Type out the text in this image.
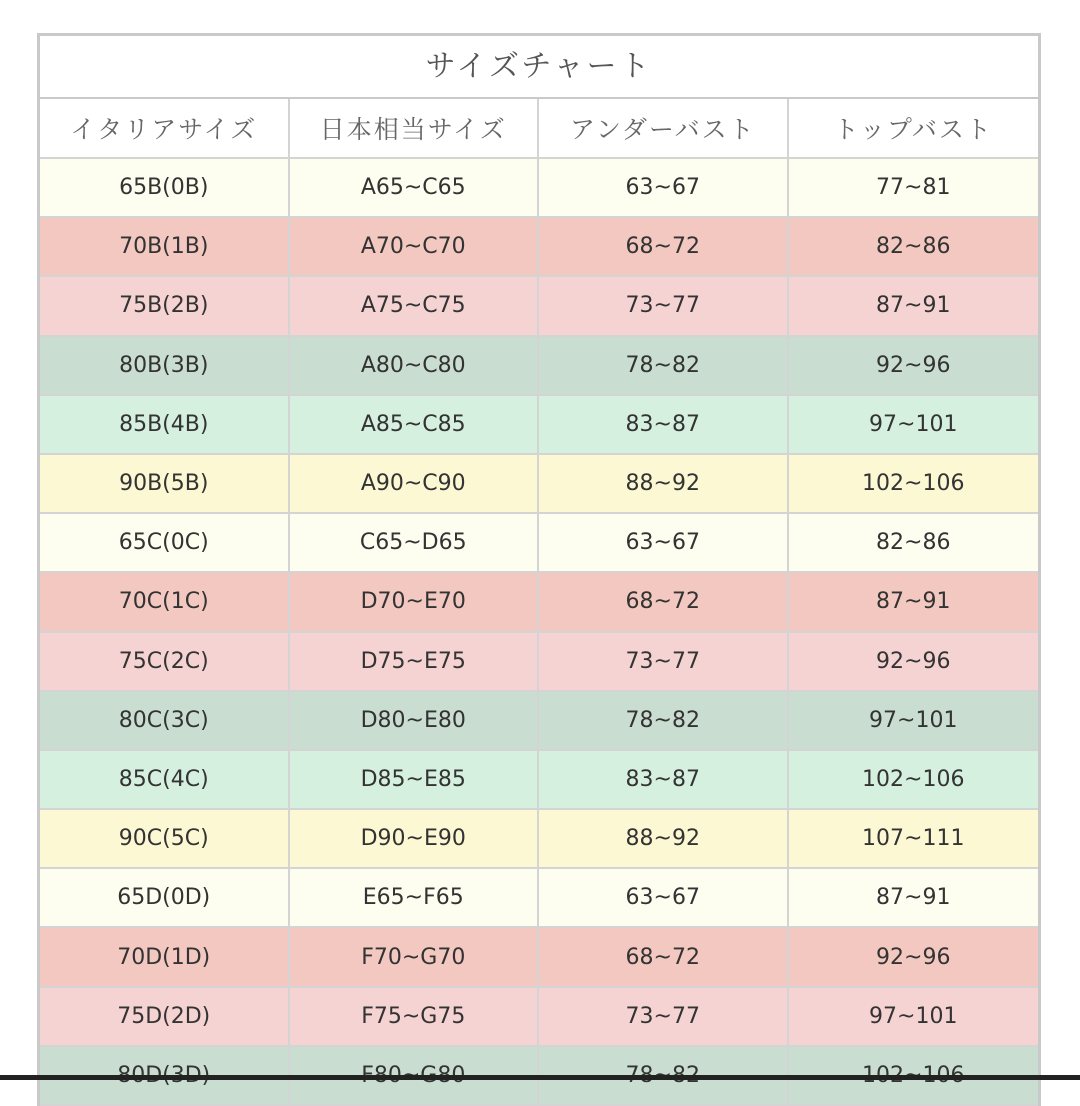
サイズチャート
イタリアサイズ	日本相当サイズ	アンダーバスト	トップバスト
65B(0B)	A65~C65	63~67	77~81
70B(1B)	A70~C70	68~72	82~86
75B(2B)	A75~C75	73~77	87~91
80B(3B)	A80~C80	78~82	92~96
85B(4B)	A85~C85	83~87	97~101
90B(5B)	A90~C90	88~92	102~106
65C(0C)	C65~D65	63~67	82~86
70C(1C)	D70~E70	68~72	87~91
75C(2C)	D75~E75	73~77	92~96
80C(3C)	D80~E80	78~82	97~101
85C(4C)	D85~E85	83~87	102~106
90C(5C)	D90~E90	88~92	107~111
65D(0D)	E65~F65	63~67	87~91
70D(1D)	F70~G70	68~72	92~96
75D(2D)	F75~G75	73~77	97~101
